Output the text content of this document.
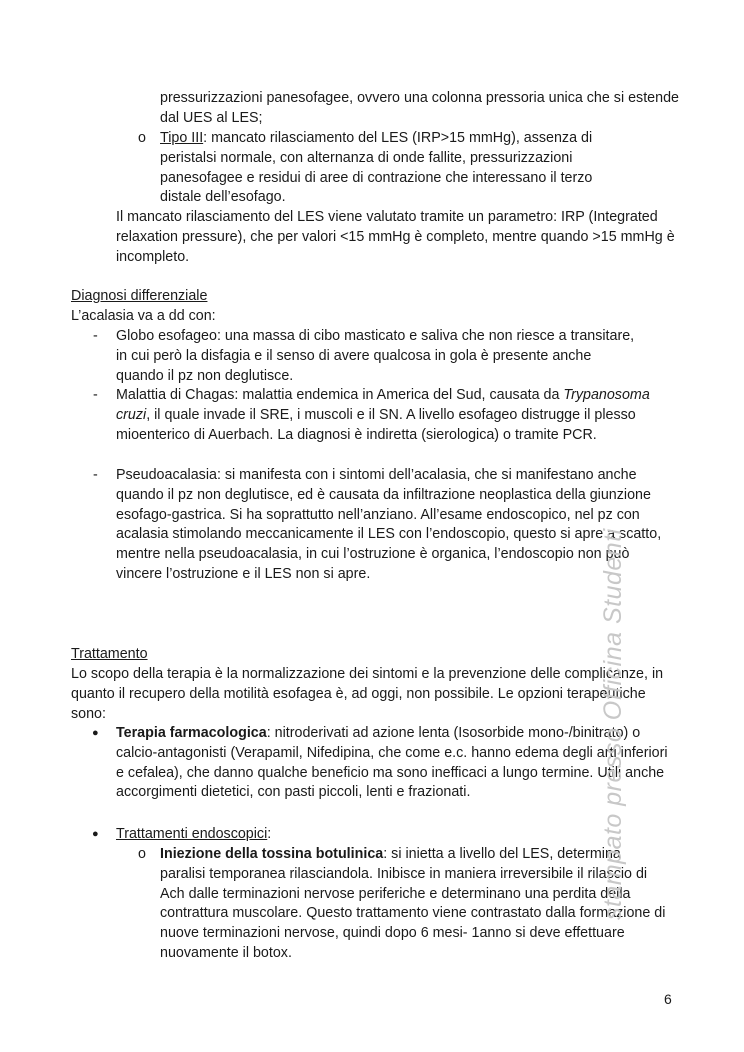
pressurizzazioni panesofagee, ovvero una colonna pressoria unica che si estende dal UES al LES;

o Tipo III: mancato rilasciamento del LES (IRP>15 mmHg), assenza di peristalsi normale, con alternanza di onde fallite, pressurizzazioni panesofagee e residui di aree di contrazione che interessano il terzo distale dell’esofago.

Il mancato rilasciamento del LES viene valutato tramite un parametro: IRP (Integrated relaxation pressure), che per valori <15 mmHg è completo, mentre quando >15 mmHg è incompleto.

Diagnosi differenziale

L’acalasia va a dd con:

- Globo esofageo: una massa di cibo masticato e saliva che non riesce a transitare, in cui però la disfagia e il senso di avere qualcosa in gola è presente anche quando il pz non deglutisce.

- Malattia di Chagas: malattia endemica in America del Sud, causata da Trypanosoma cruzi, il quale invade il SRE, i muscoli e il SN. A livello esofageo distrugge il plesso mioenterico di Auerbach. La diagnosi è indiretta (sierologica) o tramite PCR.

- Pseudoacalasia: si manifesta con i sintomi dell’acalasia, che si manifestano anche quando il pz non deglutisce, ed è causata da infiltrazione neoplastica della giunzione esofago-gastrica. Si ha soprattutto nell’anziano. All’esame endoscopico, nel pz con acalasia stimolando meccanicamente il LES con l’endoscopio, questo si apre a scatto, mentre nella pseudoacalasia, in cui l’ostruzione è organica, l’endoscopio non può vincere l’ostruzione e il LES non si apre.

Trattamento

Lo scopo della terapia è la normalizzazione dei sintomi e la prevenzione delle complicanze, in quanto il recupero della motilità esofagea è, ad oggi, non possibile. Le opzioni terapeutiche sono:

● Terapia farmacologica: nitroderivati ad azione lenta (Isosorbide mono-/binitrato) o calcio-antagonisti (Verapamil, Nifedipina, che come e.c. hanno edema degli arti inferiori e cefalea), che danno qualche beneficio ma sono inefficaci a lungo termine. Utili anche accorgimenti dietetici, con pasti piccoli, lenti e frazionati.

● Trattamenti endoscopici:

o Iniezione della tossina botulinica: si inietta a livello del LES, determina paralisi temporanea rilasciandola. Inibisce in maniera irreversibile il rilascio di Ach dalle terminazioni nervose periferiche e determinano una perdita della contrattura muscolare. Questo trattamento viene contrastato dalla formazione di nuove terminazioni nervose, quindi dopo 6 mesi- 1anno si deve effettuare nuovamente il botox.

stampato presso Officina Studenti
6
